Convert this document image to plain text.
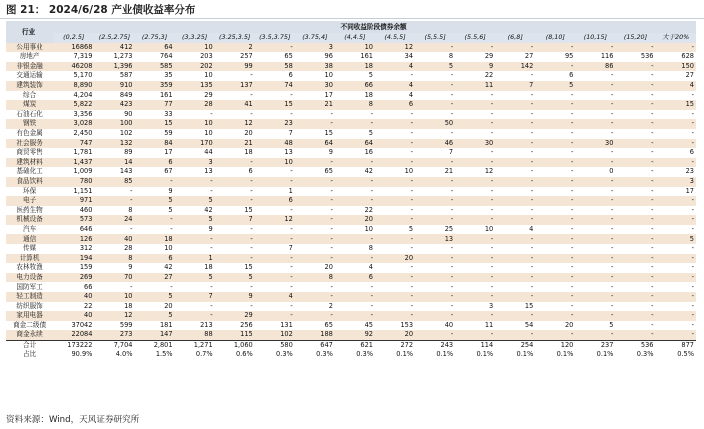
图 21： 2024/6/28 产业债收益率分布
行业	不同收益阶段债券余额															
	(0,2.5]	(2.5,2.75]	(2.75,3]	(3,3.25]	(3.25,3.5]	(3.5,3.75]	(3.75,4]	(4,4.5]	(4.5,5]	(5,5.5]	(5.5,6]	(6,8]	(8,10]	(10,15]	(15,20]	大于20%
公用事业	16868	412	64	10	2	-	3	10	12	-	-	-	-	-	-	-
房地产	7,319	1,273	764	203	257	65	96	161	34	8	29	27	95	116	536	628
非银金融	46208	1,396	585	202	99	58	38	18	4	5	9	142	-	86	-	150
交通运输	5,170	587	35	10	-	6	10	5	-	-	22	-	6	-	-	27
建筑装饰	8,890	910	359	135	137	74	30	66	4	-	11	7	5	-	-	4
综合	4,204	849	161	29	-	-	17	18	4	-	-	-	-	-	-	-
煤炭	5,822	423	77	28	41	15	21	8	6	-	-	-	-	-	-	15
石油石化	3,356	90	33	-	-	-	-	-	-	-	-	-	-	-	-	-
钢铁	3,028	100	15	10	12	23	-	-	-	50	-	-	-	-	-	-
有色金属	2,450	102	59	10	20	7	15	5	-	-	-	-	-	-	-	-
社会服务	747	132	84	170	21	48	64	64	-	46	30	-	-	30	-	-
商贸零售	1,781	89	17	44	18	13	9	16	-	7	-	-	-	-	-	6
建筑材料	1,437	14	6	3	-	10	-	-	-	-	-	-	-	-	-	-
基础化工	1,009	143	67	13	6	-	65	42	10	21	12	-	-	0	-	23
食品饮料	780	85	-	-	-	-	-	-	-	-	-	-	-	-	-	3
环保	1,151	-	9	-	-	1	-	-	-	-	-	-	-	-	-	17
电子	971	-	5	5	-	6	-	-	-	-	-	-	-	-	-	-
医药生物	460	8	5	42	15	-	-	22	-	-	-	-	-	-	-	-
机械设备	573	24	-	5	7	12	-	20	-	-	-	-	-	-	-	-
汽车	646	-	-	9	-	-	-	10	5	25	10	4	-	-	-	-
通信	126	40	18	-	-	-	-	-	-	13	-	-	-	-	-	5
传媒	312	28	10	-	-	7	-	8	-	-	-	-	-	-	-	-
计算机	194	8	6	1	-	-	-	-	20	-	-	-	-	-	-	-
农林牧渔	159	9	42	18	15	-	20	4	-	-	-	-	-	-	-	-
电力设备	269	70	27	5	5	-	8	6	-	-	-	-	-	-	-	-
国防军工	66	-	-	-	-	-	-	-	-	-	-	-	-	-	-	-
轻工制造	40	10	5	7	9	4	-	-	-	-	-	-	-	-	-	-
纺织服饰	22	18	20	-	-	-	2	-	-	-	3	15	-	-	-	-
家用电器	40	12	5	-	29	-	-	-	-	-	-	-	-	-	-	-
商金二级债	37042	599	181	213	256	131	65	45	153	40	11	54	20	5	-	-
商金永续	22084	273	147	88	115	102	188	92	20	-	-	-	-	-	-	-
合计	173222	7,704	2,801	1,271	1,060	580	647	621	272	243	114	254	120	237	536	877
占比	90.9%	4.0%	1.5%	0.7%	0.6%	0.3%	0.3%	0.3%	0.1%	0.1%	0.1%	0.1%	0.1%	0.1%	0.3%	0.5%
资料来源：Wind，天风证券研究所
